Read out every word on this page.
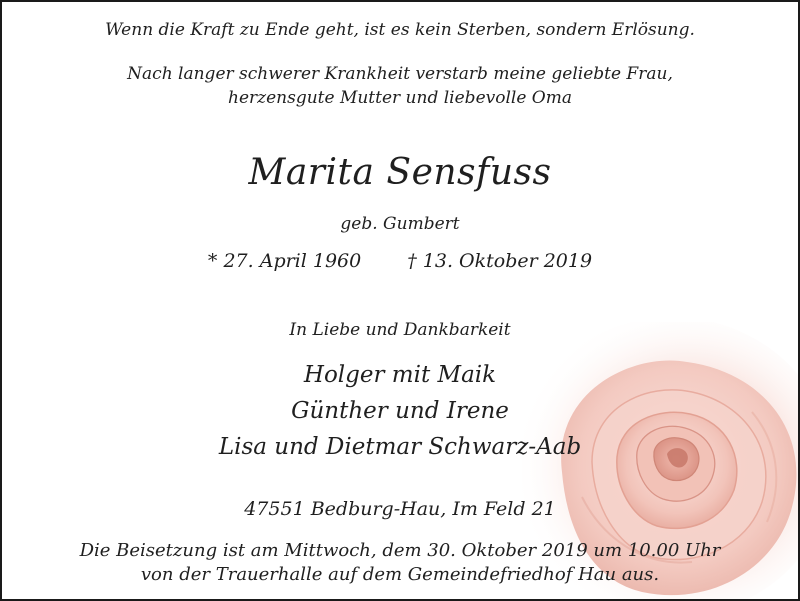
Wenn die Kraft zu Ende geht, ist es kein Sterben, sondern Erlösung.
Nach langer schwerer Krankheit verstarb meine geliebte Frau,
herzensgute Mutter und liebevolle Oma
Marita Sensfuss
geb. Gumbert
* 27. April 1960 † 13. Oktober 2019
In Liebe und Dankbarkeit
Holger mit Maik
Günther und Irene
Lisa und Dietmar Schwarz-Aab
47551 Bedburg-Hau, Im Feld 21
Die Beisetzung ist am Mittwoch, dem 30. Oktober 2019 um 10.00 Uhr
von der Trauerhalle auf dem Gemeindefriedhof Hau aus.
